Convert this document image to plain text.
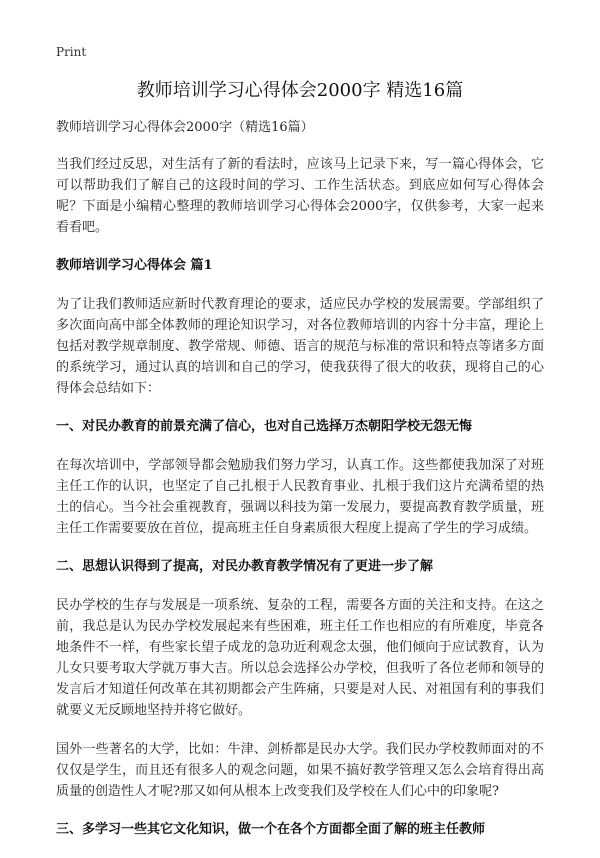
Print
教师培训学习心得体会2000字 精选16篇

教师培训学习心得体会2000字（精选16篇）

当我们经过反思，对生活有了新的看法时，应该马上记录下来，写一篇心得体会，它可以帮助我们了解自己的这段时间的学习、工作生活状态。到底应如何写心得体会呢？下面是小编精心整理的教师培训学习心得体会2000字，仅供参考，大家一起来看看吧。

教师培训学习心得体会 篇1

为了让我们教师适应新时代教育理论的要求，适应民办学校的发展需要。学部组织了多次面向高中部全体教师的理论知识学习，对各位教师培训的内容十分丰富，理论上包括对教学规章制度、教学常规、师德、语言的规范与标准的常识和特点等诸多方面的系统学习，通过认真的培训和自己的学习，使我获得了很大的收获，现将自己的心得体会总结如下：

一、对民办教育的前景充满了信心，也对自己选择万杰朝阳学校无怨无悔

在每次培训中，学部领导都会勉励我们努力学习，认真工作。这些都使我加深了对班主任工作的认识，也坚定了自己扎根于人民教育事业、扎根于我们这片充满希望的热土的信心。当今社会重视教育，强调以科技为第一发展力，要提高教育教学质量，班主任工作需要要放在首位，提高班主任自身素质很大程度上提高了学生的学习成绩。

二、思想认识得到了提高，对民办教育教学情况有了更进一步了解

民办学校的生存与发展是一项系统、复杂的工程，需要各方面的关注和支持。在这之前，我总是认为民办学校发展起来有些困难，班主任工作也相应的有所难度，毕竟各地条件不一样，有些家长望子成龙的急功近利观念太强，他们倾向于应试教育，认为儿女只要考取大学就万事大吉。所以总会选择公办学校，但我听了各位老师和领导的发言后才知道任何改革在其初期都会产生阵痛，只要是对人民、对祖国有利的事我们就要义无反顾地坚持并将它做好。

国外一些著名的大学，比如：牛津、剑桥都是民办大学。我们民办学校教师面对的不仅仅是学生，而且还有很多人的观念问题，如果不搞好教学管理又怎么会培育得出高质量的创造性人才呢?那又如何从根本上改变我们及学校在人们心中的印象呢?

三、多学习一些其它文化知识，做一个在各个方面都全面了解的班主任教师
